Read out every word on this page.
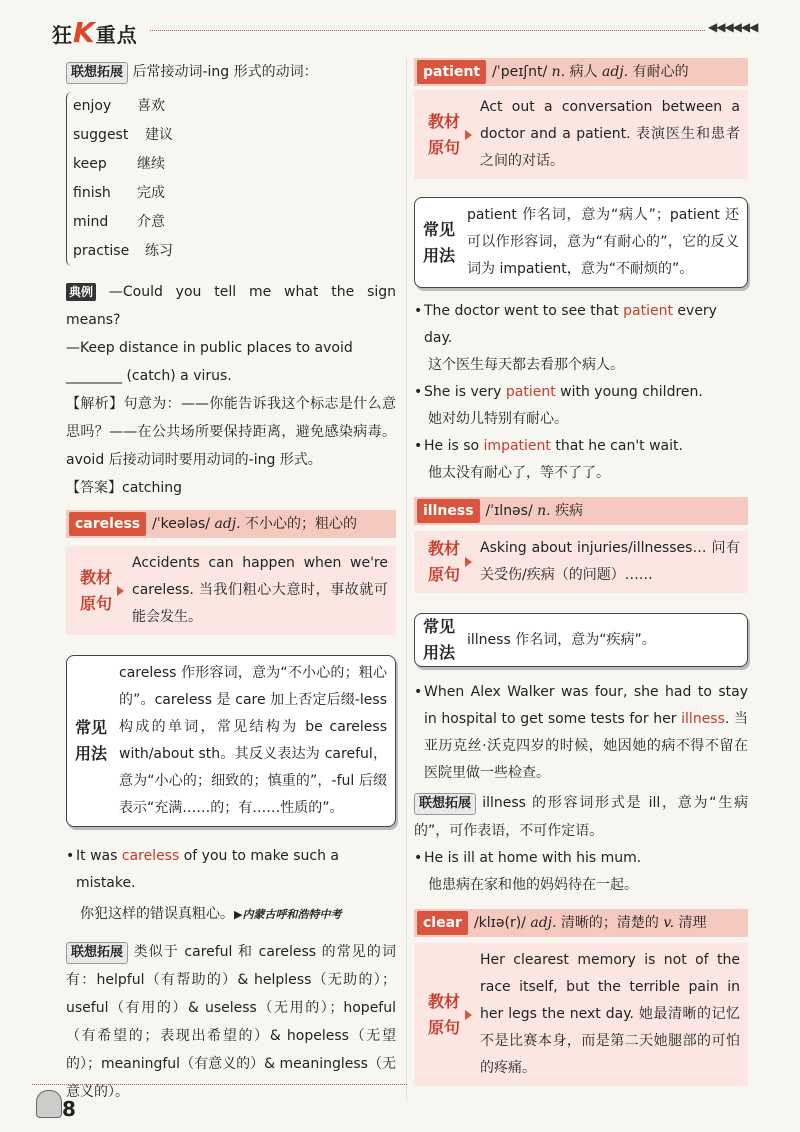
狂K重点	◀◀◀◀◀◀
联想拓展 后常接动词-ing 形式的动词：
enjoy 喜欢
suggest 建议
keep 继续
finish 完成
mind 介意
practise 练习
典例 —Could you tell me what the sign means?
—Keep distance in public places to avoid
________ (catch) a virus.
【解析】句意为：——你能告诉我这个标志是什么意思吗？——在公共场所要保持距离，避免感染病毒。avoid 后接动词时要用动词的-ing 形式。
【答案】catching
careless /ˈkeələs/ adj. 不小心的；粗心的
教材
原句
Accidents can happen when we're careless. 当我们粗心大意时，事故就可能会发生。
常见
用法
careless 作形容词，意为“不小心的；粗心的”。careless 是 care 加上否定后缀-less 构成的单词，常见结构为 be careless with/about sth。其反义表达为 careful，意为“小心的；细致的；慎重的”，-ful 后缀表示“充满……的；有……性质的”。
• It was careless of you to make such a mistake.
你犯这样的错误真粗心。▶内蒙古呼和浩特中考
联想拓展 类似于 careful 和 careless 的常见的词有：helpful（有帮助的）& helpless（无助的）；useful（有用的）& useless（无用的）；hopeful（有希望的；表现出希望的）& hopeless（无望的）；meaningful（有意义的）& meaningless（无意义的）。
patient /ˈpeɪʃnt/ n. 病人 adj. 有耐心的
教材
原句
Act out a conversation between a doctor and a patient. 表演医生和患者之间的对话。
常见
用法
patient 作名词，意为“病人”；patient 还可以作形容词，意为“有耐心的”，它的反义词为 impatient，意为“不耐烦的”。
• The doctor went to see that patient every day.
这个医生每天都去看那个病人。
• She is very patient with young children.
她对幼儿特别有耐心。
• He is so impatient that he can't wait.
他太没有耐心了，等不了了。
illness /ˈɪlnəs/ n. 疾病
教材
原句
Asking about injuries/illnesses… 问有关受伤/疾病（的问题）……
常见
用法
illness 作名词，意为“疾病”。
• When Alex Walker was four, she had to stay in hospital to get some tests for her illness. 当亚历克丝·沃克四岁的时候，她因她的病不得不留在医院里做一些检查。
联想拓展 illness 的形容词形式是 ill，意为“生病的”，可作表语，不可作定语。
• He is ill at home with his mum.
他患病在家和他的妈妈待在一起。
clear /klɪə(r)/ adj. 清晰的；清楚的 v. 清理
教材
原句
Her clearest memory is not of the race itself, but the terrible pain in her legs the next day. 她最清晰的记忆不是比赛本身，而是第二天她腿部的可怕的疼痛。
8
